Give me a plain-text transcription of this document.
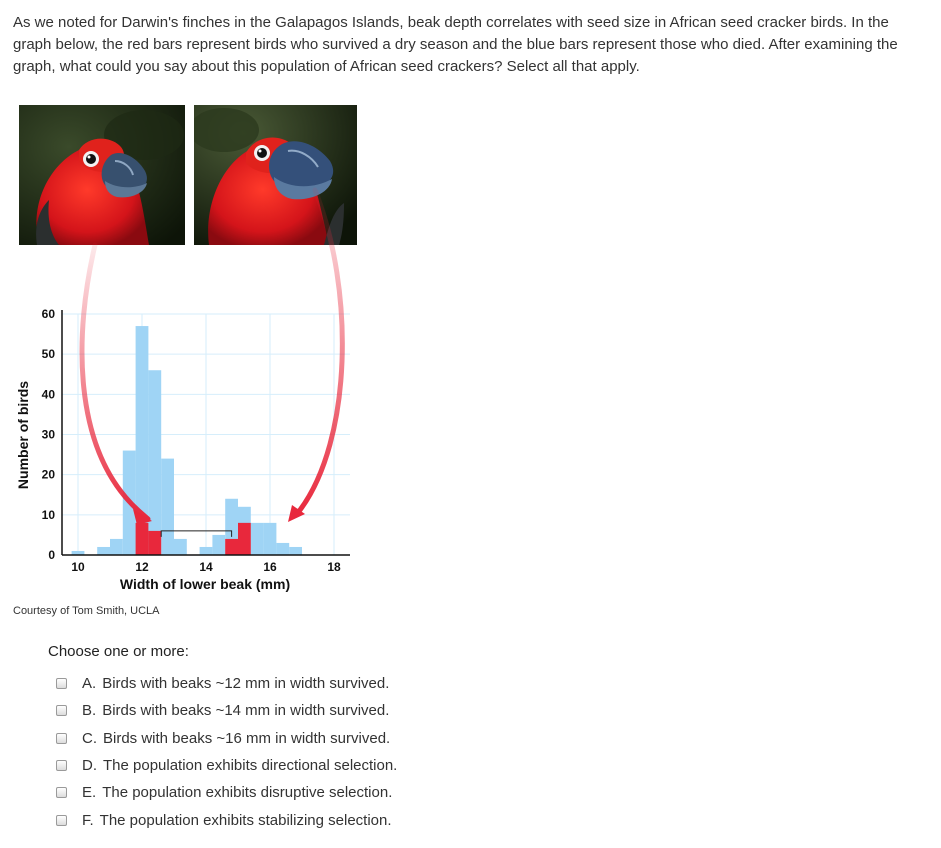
As we noted for Darwin's finches in the Galapagos Islands, beak depth correlates with seed size in African seed cracker birds. In the graph below, the red bars represent birds who survived a dry season and the blue bars represent those who died. After examining the graph, what could you say about this population of African seed crackers? Select all that apply.
0
10
20
30
40
50
60
10	12	14	16	18
Width of lower beak (mm)
Number of birds
Courtesy of Tom Smith, UCLA
Choose one or more:
A. Birds with beaks ~12 mm in width survived.
B. Birds with beaks ~14 mm in width survived.
C. Birds with beaks ~16 mm in width survived.
D. The population exhibits directional selection.
E. The population exhibits disruptive selection.
F. The population exhibits stabilizing selection.
